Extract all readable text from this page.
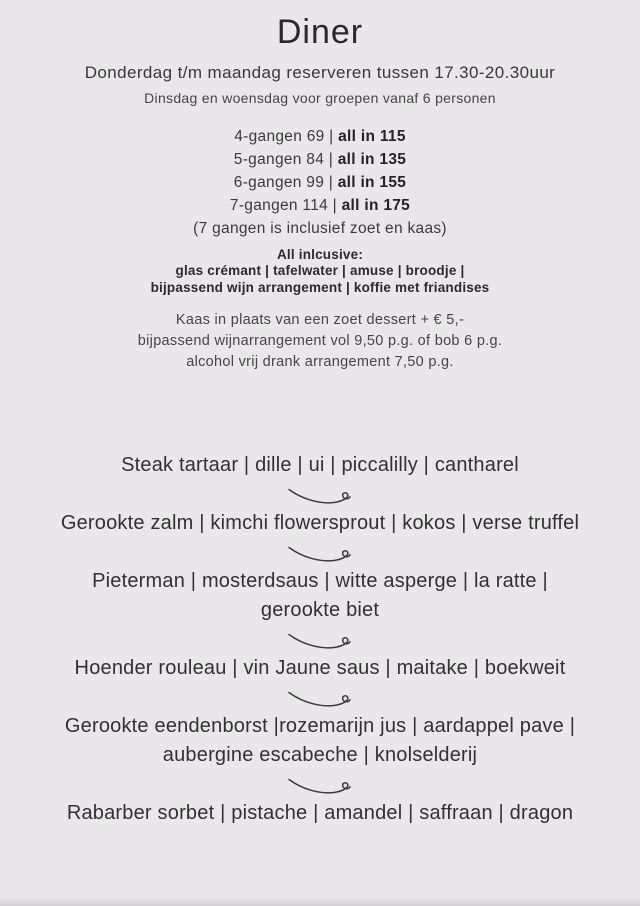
Diner

Donderdag t/m maandag reserveren tussen 17.30-20.30uur

Dinsdag en woensdag voor groepen vanaf 6 personen

4-gangen 69 | all in 115
5-gangen 84 | all in 135
6-gangen 99 | all in 155
7-gangen 114 | all in 175
(7 gangen is inclusief zoet en kaas)
All inlcusive:
glas crémant | tafelwater | amuse | broodje |
bijpassend wijn arrangement | koffie met friandises
Kaas in plaats van een zoet dessert + € 5,-
bijpassend wijnarrangement vol 9,50 p.g. of bob 6 p.g.
alcohol vrij drank arrangement 7,50 p.g.
Steak tartaar | dille | ui | piccalilly | cantharel
Gerookte zalm | kimchi flowersprout | kokos | verse truffel
Pieterman | mosterdsaus | witte asperge | la ratte |
gerookte biet
Hoender rouleau | vin Jaune saus | maitake | boekweit
Gerookte eendenborst |rozemarijn jus | aardappel pave |
aubergine escabeche | knolselderij
Rabarber sorbet | pistache | amandel | saffraan | dragon
